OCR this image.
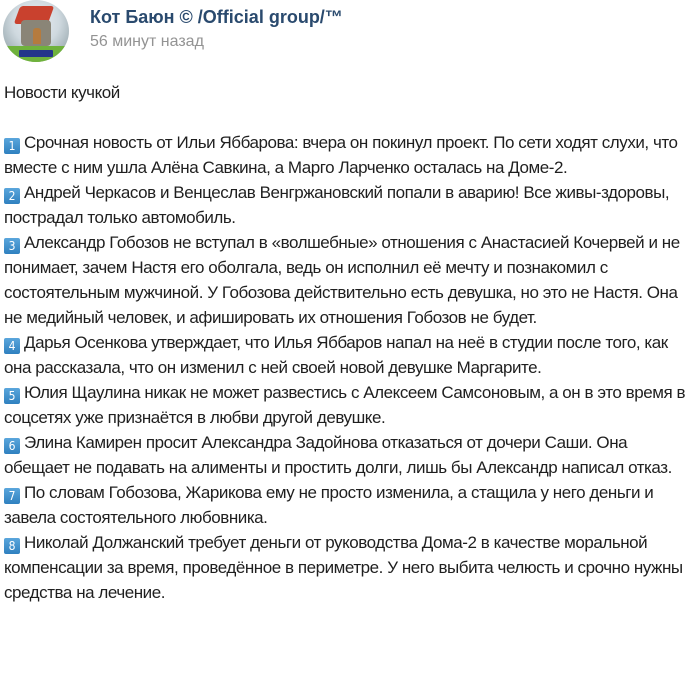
Кот Баюн © /Official group/™
56 минут назад

Новости кучкой

1 Срочная новость от Ильи Яббарова: вчера он покинул проект. По сети ходят слухи, что вместе с ним ушла Алёна Савкина, а Марго Ларченко осталась на Доме-2.

2 Андрей Черкасов и Венцеслав Венгржановский попали в аварию! Все живы-здоровы, пострадал только автомобиль.

3 Александр Гобозов не вступал в «волшебные» отношения с Анастасией Кочервей и не понимает, зачем Настя его оболгала, ведь он исполнил её мечту и познакомил с состоятельным мужчиной. У Гобозова действительно есть девушка, но это не Настя. Она не медийный человек, и афишировать их отношения Гобозов не будет.

4 Дарья Осенкова утверждает, что Илья Яббаров напал на неё в студии после того, как она рассказала, что он изменил с ней своей новой девушке Маргарите.

5 Юлия Щаулина никак не может развестись с Алексеем Самсоновым, а он в это время в соцсетях уже признаётся в любви другой девушке.

6 Элина Камирен просит Александра Задойнова отказаться от дочери Саши. Она обещает не подавать на алименты и простить долги, лишь бы Александр написал отказ.

7 По словам Гобозова, Жарикова ему не просто изменила, а стащила у него деньги и завела состоятельного любовника.

8 Николай Должанский требует деньги от руководства Дома-2 в качестве моральной компенсации за время, проведённое в периметре. У него выбита челюсть и срочно нужны средства на лечение.
